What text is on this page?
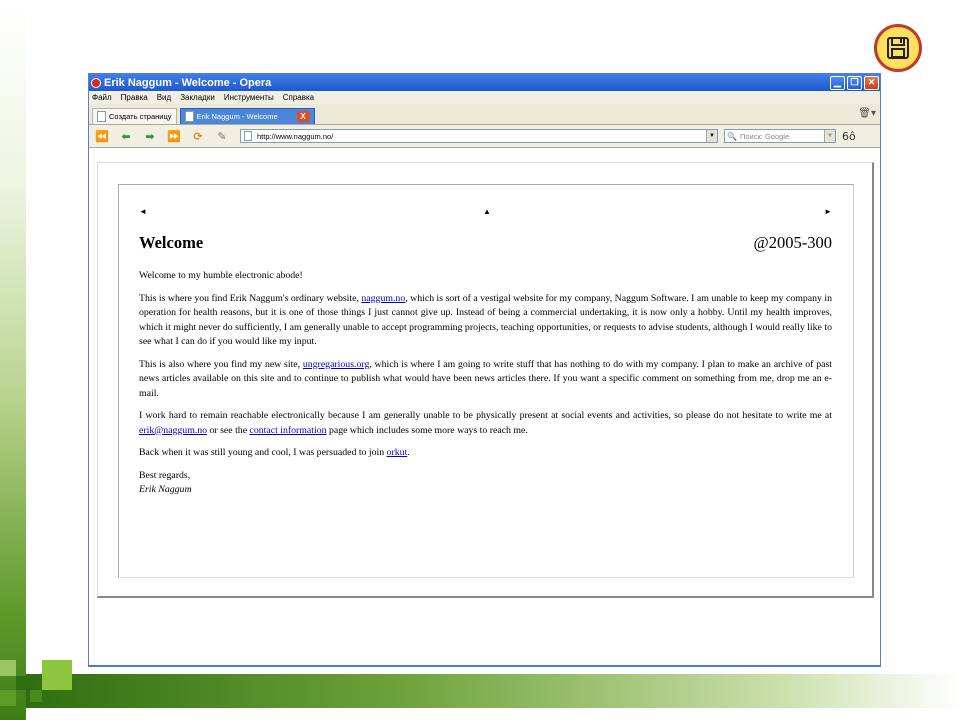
Erik Naggum - Welcome - Opera	▁	❐	✕
Файл Правка Вид Закладки Инструменты Справка
Создать страницу	Erik Naggum - Welcome	X	🗑▾
⏪	⬅	➡	⏩	⟳	✎	http://www.naggum.no/	▼ 🔍 Поиск: Google	▼ 6ô
◄	▲	►
Welcome	@2005-300

Welcome to my humble electronic abode!

This is where you find Erik Naggum's ordinary website, naggum.no, which is sort of a vestigal website for my company, Naggum Software. I am unable to keep my company in operation for health reasons, but it is one of those things I just cannot give up. Instead of being a commercial undertaking, it is now only a hobby. Until my health improves, which it might never do sufficiently, I am generally unable to accept programming projects, teaching opportunities, or requests to advise students, although I would really like to see what I can do if you would like my input.

This is also where you find my new site, ungregarious.org, which is where I am going to write stuff that has nothing to do with my company. I plan to make an archive of past news articles available on this site and to continue to publish what would have been news articles there. If you want a specific comment on something from me, drop me an e-mail.

I work hard to remain reachable electronically because I am generally unable to be physically present at social events and activities, so please do not hesitate to write me at erik@naggum.no or see the contact information page which includes some more ways to reach me.

Back when it was still young and cool, I was persuaded to join orkut.

Best regards,

Erik Naggum
